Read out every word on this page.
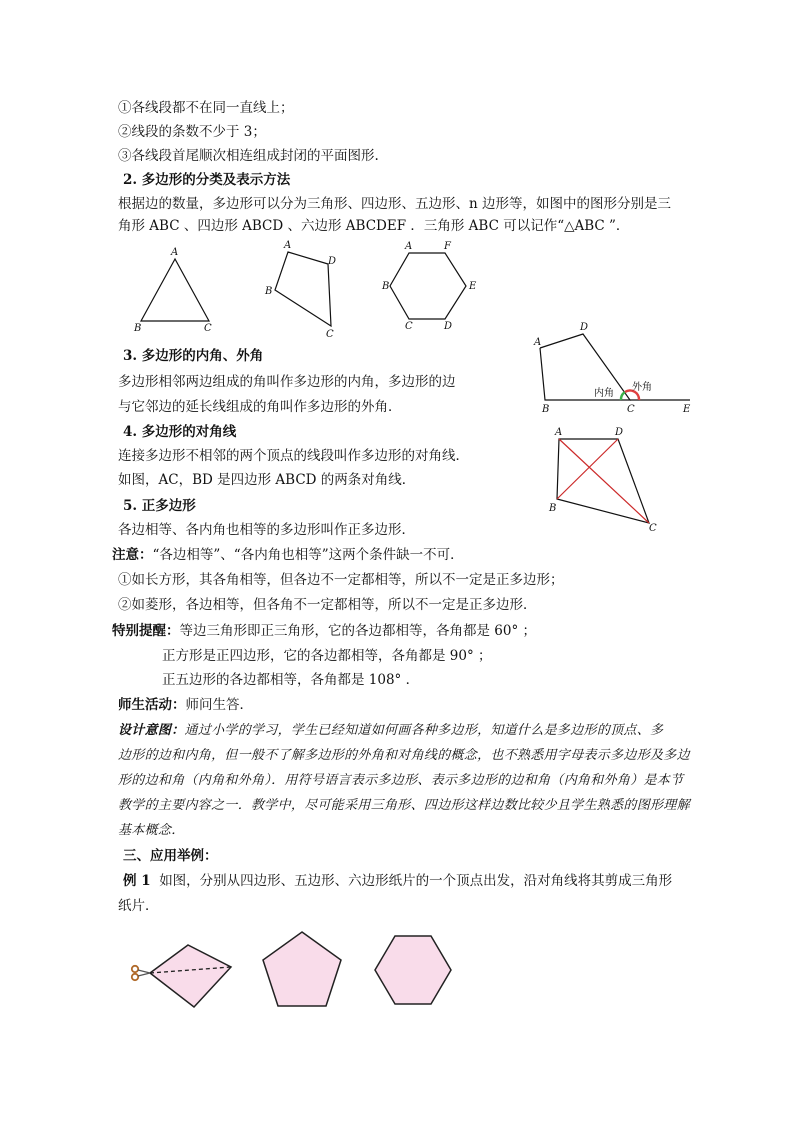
①各线段都不在同一直线上；
②线段的条数不少于 3；
③各线段首尾顺次相连组成封闭的平面图形.
2. 多边形的分类及表示方法
根据边的数量，多边形可以分为三角形、四边形、五边形、n 边形等，如图中的图形分别是三
角形 ABC 、四边形 ABCD 、六边形 ABCDEF ．三角形 ABC 可以记作“△ABC ”．
A
B	C
A
B
C
D
A
B
C	D
E
F
A
B	C
D
E
内角
外角
3. 多边形的内角、外角
多边形相邻两边组成的角叫作多边形的内角，多边形的边
与它邻边的延长线组成的角叫作多边形的外角．
A
B
C
D
4. 多边形的对角线
连接多边形不相邻的两个顶点的线段叫作多边形的对角线．
如图，AC，BD 是四边形 ABCD 的两条对角线．
5. 正多边形
各边相等、各内角也相等的多边形叫作正多边形．
注意：“各边相等”、“各内角也相等”这两个条件缺一不可．
①如长方形，其各角相等，但各边不一定都相等，所以不一定是正多边形；
②如菱形，各边相等，但各角不一定都相等，所以不一定是正多边形．
特别提醒：等边三角形即正三角形，它的各边都相等，各角都是 60° ；
正方形是正四边形，它的各边都相等，各角都是 90° ；
正五边形的各边都相等，各角都是 108° ．
师生活动：师问生答．
设计意图：通过小学的学习，学生已经知道如何画各种多边形，知道什么是多边形的顶点、多
边形的边和内角，但一般不了解多边形的外角和对角线的概念，也不熟悉用字母表示多边形及多边
形的边和角（内角和外角）．用符号语言表示多边形、表示多边形的边和角（内角和外角）是本节
教学的主要内容之一．教学中，尽可能采用三角形、四边形这样边数比较少且学生熟悉的图形理解
基本概念．
三、应用举例：
例 1 如图，分别从四边形、五边形、六边形纸片的一个顶点出发，沿对角线将其剪成三角形
纸片．
